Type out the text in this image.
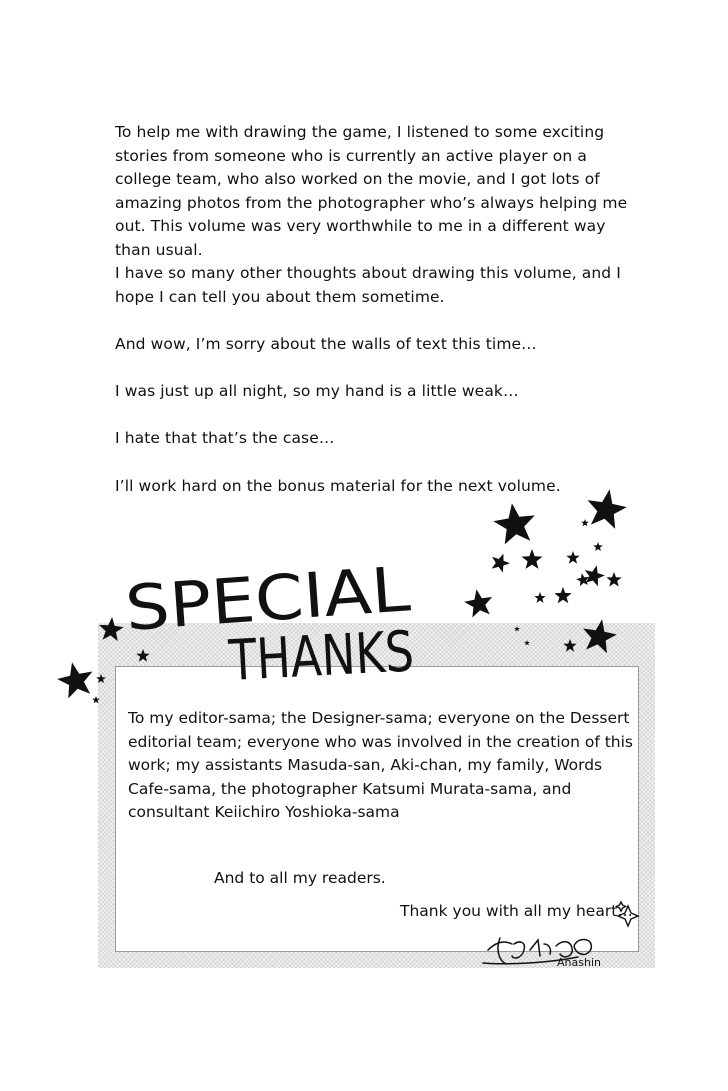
To help me with drawing the game, I listened to some exciting stories from someone who is currently an active player on a college team, who also worked on the movie, and I got lots of amazing photos from the photographer who’s always helping me out. This volume was very worthwhile to me in a different way than usual.

I have so many other thoughts about drawing this volume, and I hope I can tell you about them sometime.

And wow, I’m sorry about the walls of text this time…

I was just up all night, so my hand is a little weak…

I hate that that’s the case…

I’ll work hard on the bonus material for the next volume.

To my editor-sama; the Designer-sama; everyone on the Dessert editorial team; everyone who was involved in the creation of this work; my assistants Masuda-san, Aki-chan, my family, Words Cafe-sama, the photographer Katsumi Murata-sama, and consultant Keiichiro Yoshioka-sama

And to all my readers.

Thank you with all my heart…

Anashin

SPECIAL
THANKS
